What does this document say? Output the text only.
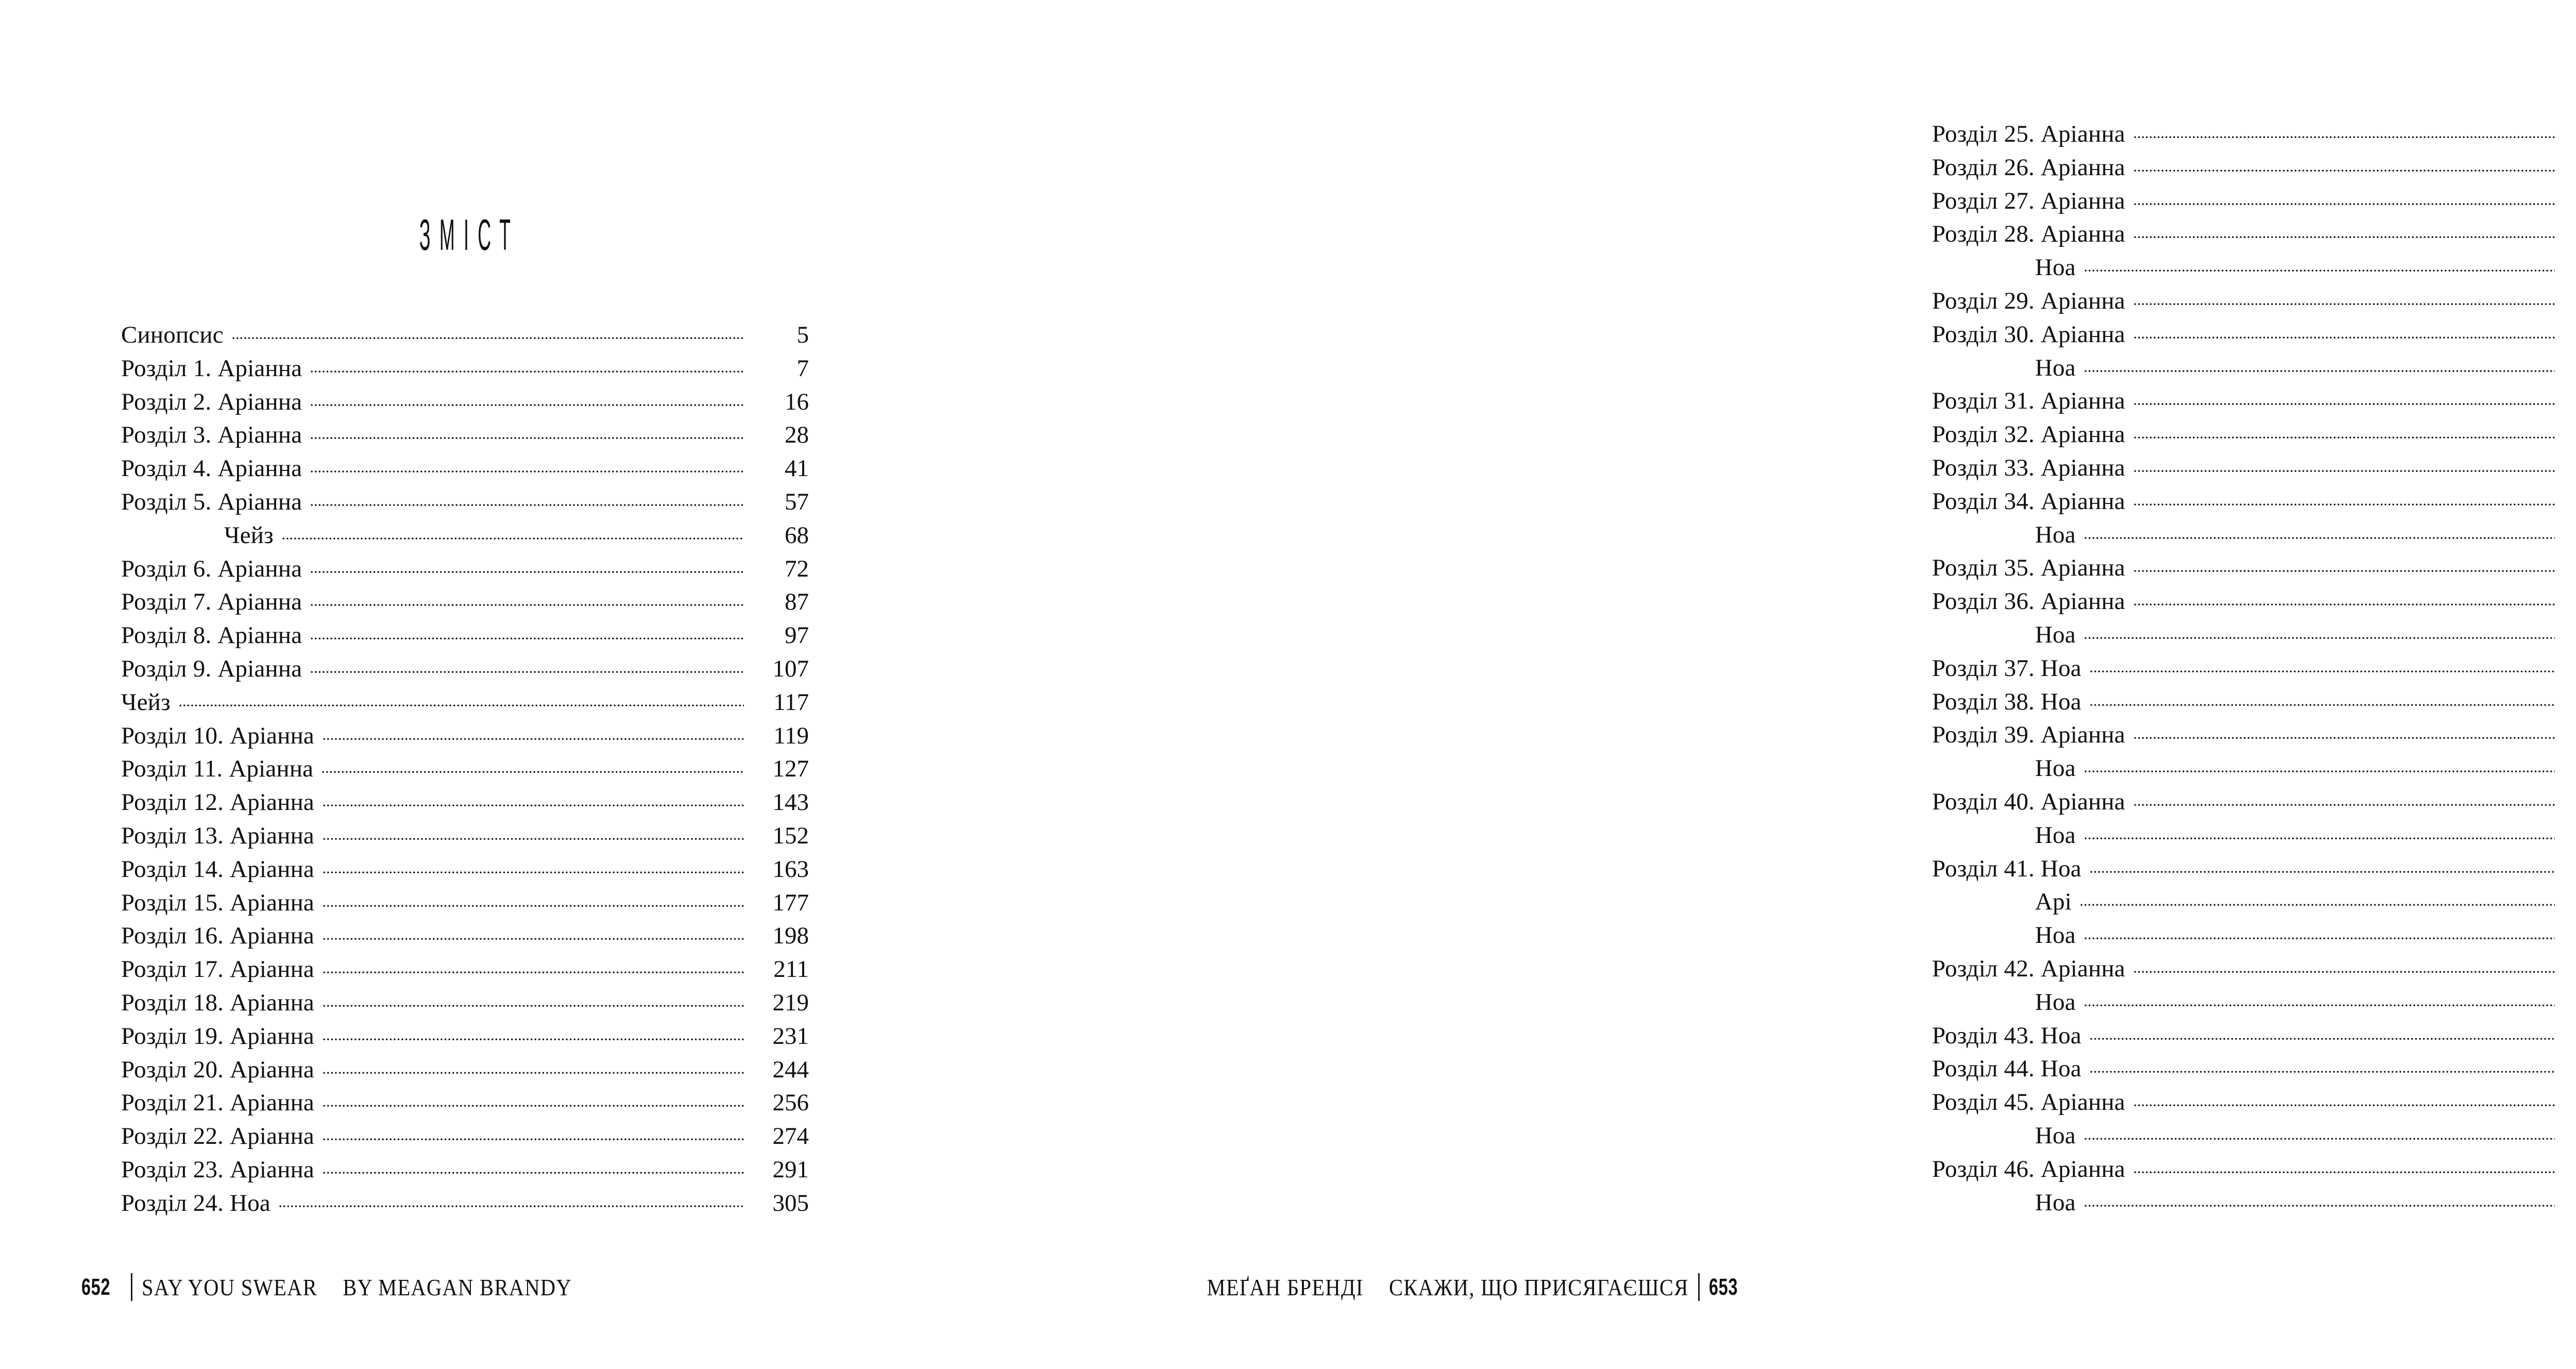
ЗМІСТ
Синопсис	5
Розділ 1. Аріанна	7
Розділ 2. Аріанна	16
Розділ 3. Аріанна	28
Розділ 4. Аріанна	41
Розділ 5. Аріанна	57
Чейз	68
Розділ 6. Аріанна	72
Розділ 7. Аріанна	87
Розділ 8. Аріанна	97
Розділ 9. Аріанна	107
Чейз	117
Розділ 10. Аріанна	119
Розділ 11. Аріанна	127
Розділ 12. Аріанна	143
Розділ 13. Аріанна	152
Розділ 14. Аріанна	163
Розділ 15. Аріанна	177
Розділ 16. Аріанна	198
Розділ 17. Аріанна	211
Розділ 18. Аріанна	219
Розділ 19. Аріанна	231
Розділ 20. Аріанна	244
Розділ 21. Аріанна	256
Розділ 22. Аріанна	274
Розділ 23. Аріанна	291
Розділ 24. Ноа	305
652 SAY YOU SWEAR BY MEAGAN BRANDY
Розділ 25. Аріанна
Розділ 26. Аріанна
Розділ 27. Аріанна
Розділ 28. Аріанна
Ноа
Розділ 29. Аріанна
Розділ 30. Аріанна
Ноа
Розділ 31. Аріанна
Розділ 32. Аріанна
Розділ 33. Аріанна
Розділ 34. Аріанна
Ноа
Розділ 35. Аріанна
Розділ 36. Аріанна
Ноа
Розділ 37. Ноа
Розділ 38. Ноа
Розділ 39. Аріанна
Ноа
Розділ 40. Аріанна
Ноа
Розділ 41. Ноа
Арі
Ноа
Розділ 42. Аріанна
Ноа
Розділ 43. Ноа
Розділ 44. Ноа
Розділ 45. Аріанна
Ноа
Розділ 46. Аріанна
Ноа
МЕҐАН БРЕНДІ СКАЖИ, ЩО ПРИСЯГАЄШСЯ 653
